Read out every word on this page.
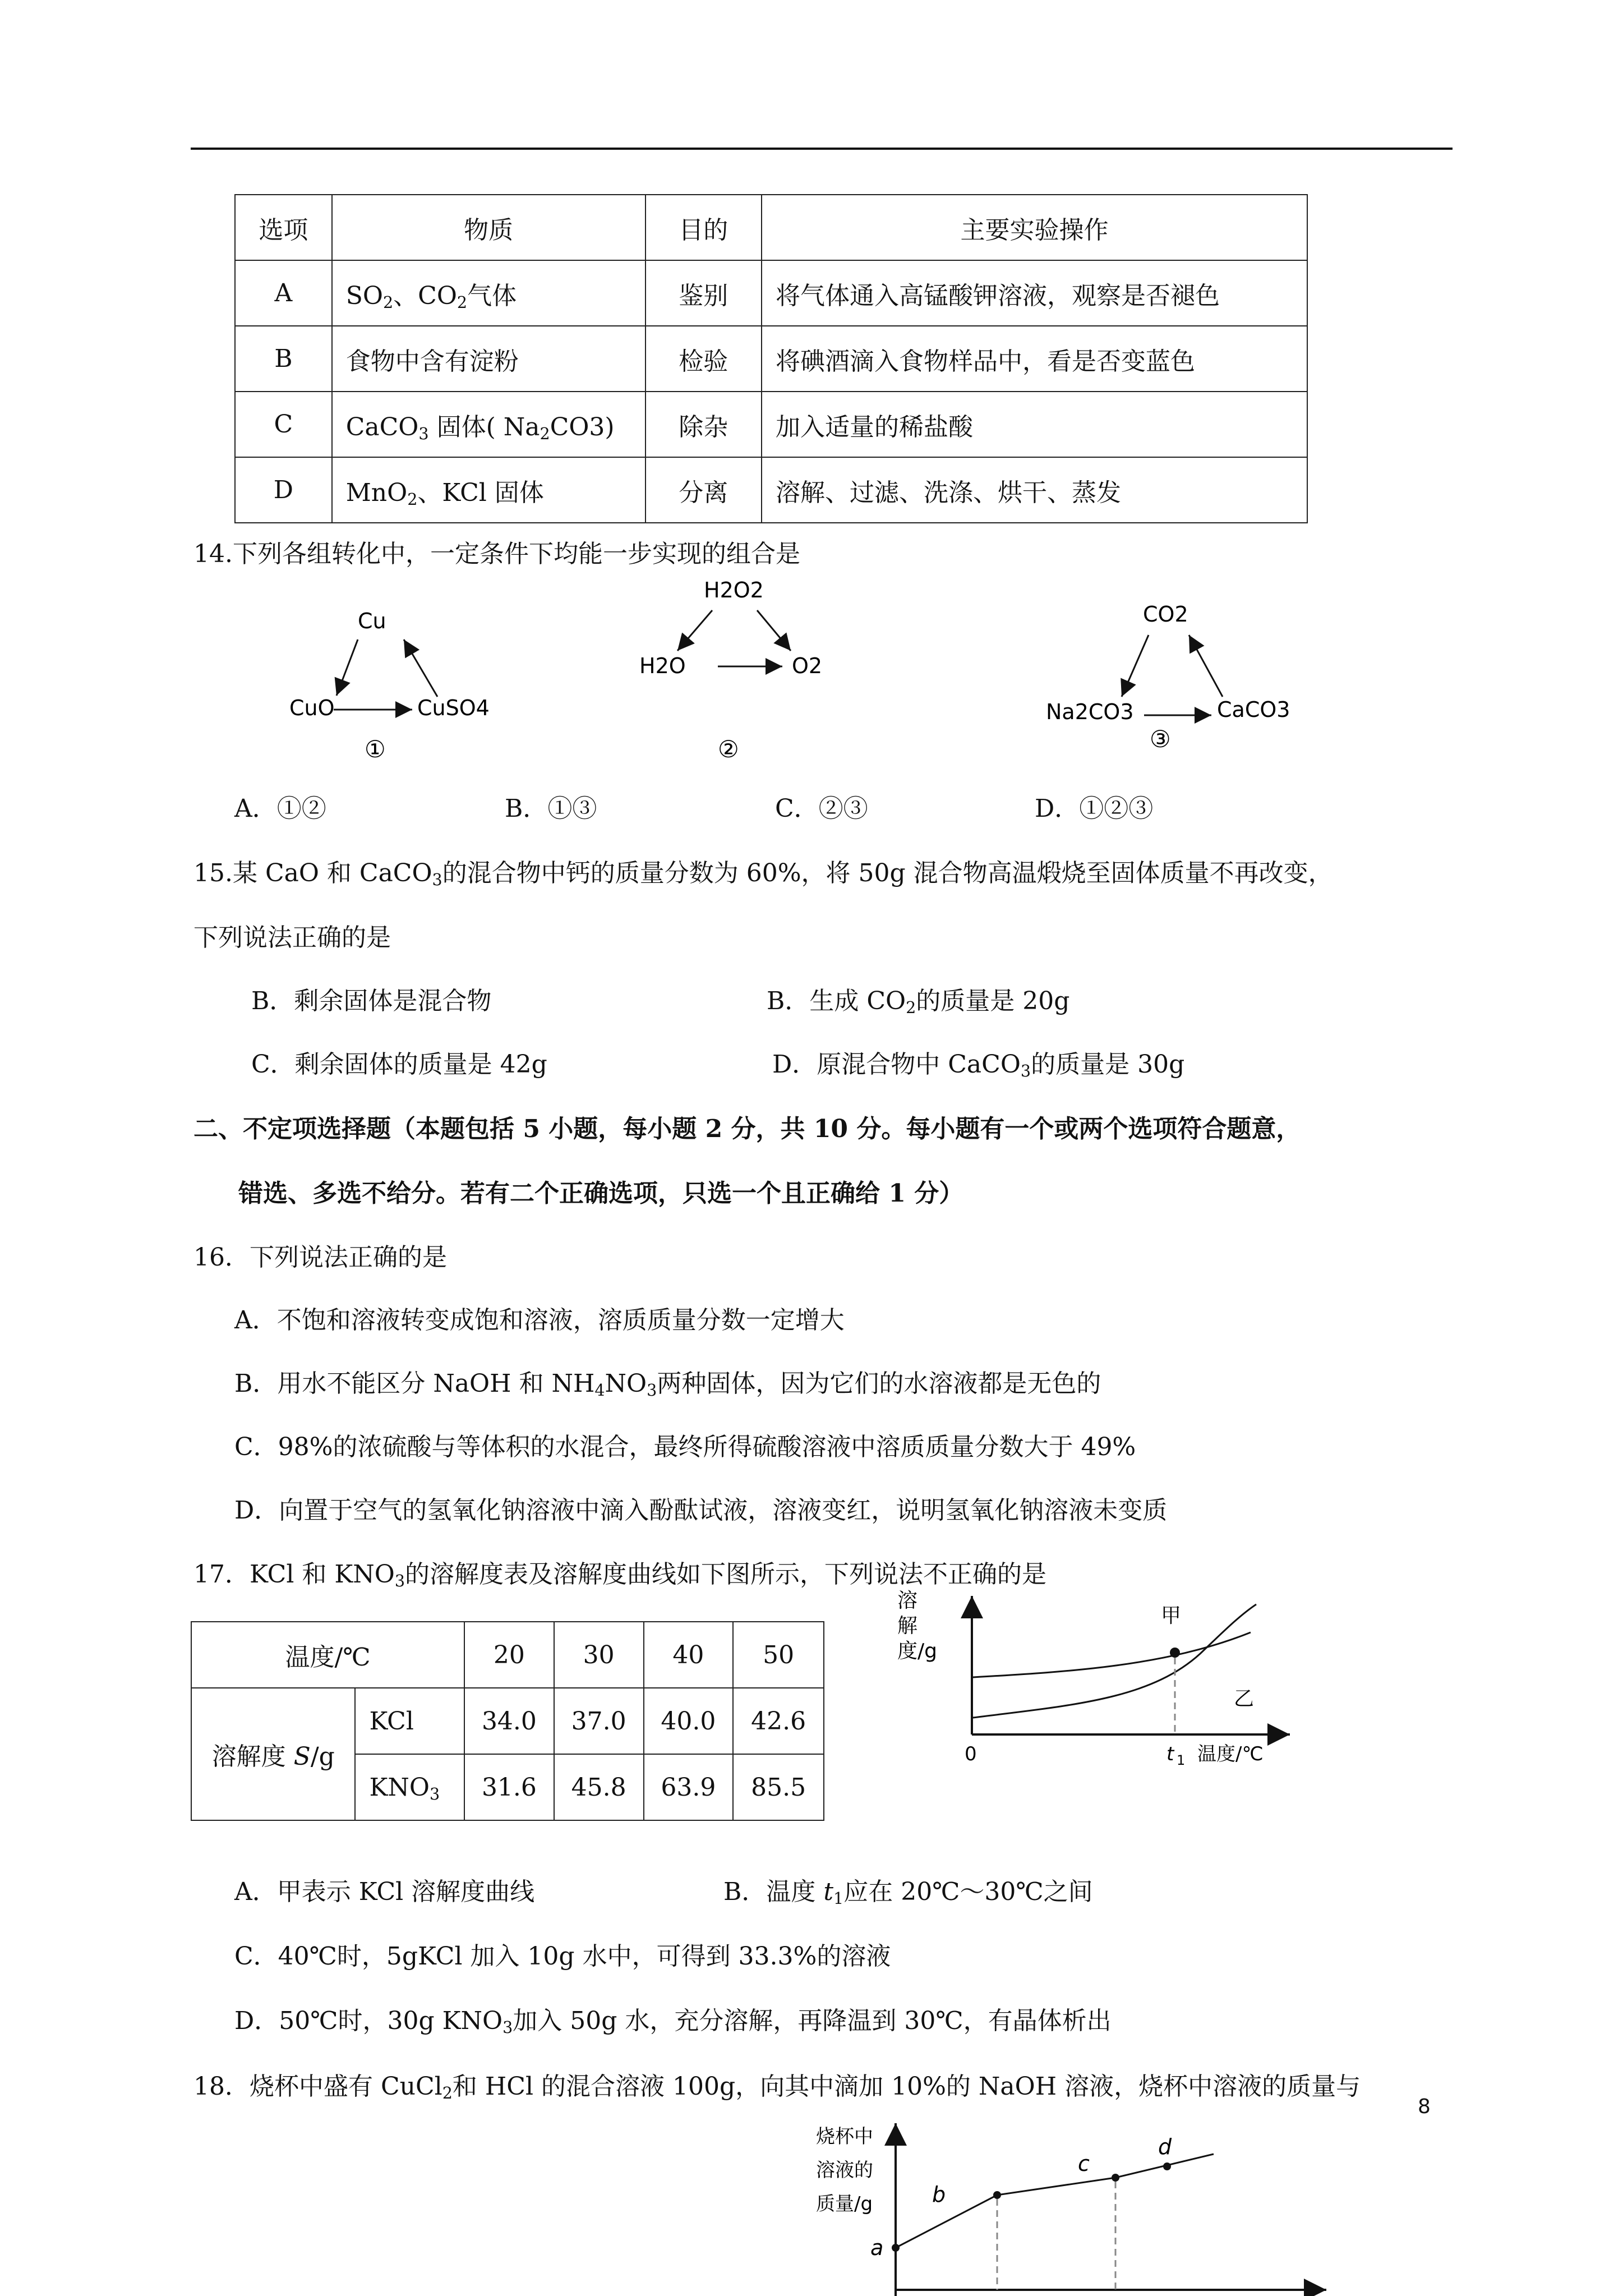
选项	物质	目的	主要实验操作
A	$SO_2$、$CO_2$气体	鉴别	将气体通入高锰酸钾溶液，观察是否褪色
B	食物中含有淀粉	检验	将碘酒滴入食物样品中，看是否变蓝色
C	CaCO$_3$ 固体( $Na_2CO3$)	除杂	加入适量的稀盐酸
D	MnO$_2$、KCl 固体	分离	溶解、过滤、洗涤、烘干、蒸发
14.下列各组转化中，一定条件下均能一步实现的组合是
Cu
CuO	CuSO4
①
H2O2
H2O	O2
②
CO2
Na2CO3	CaCO3
③
A．①②	B．①③	C．②③	D．①②③
15.某 CaO 和 CaCO$_3$的混合物中钙的质量分数为 60%，将 50g 混合物高温煅烧至固体质量不再改变，
下列说法正确的是
B．剩余固体是混合物	B．生成 $CO_2$的质量是 20g
C．剩余固体的质量是 42g	D．原混合物中 CaCO$_3$的质量是 30g
二、不定项选择题（本题包括 5 小题，每小题 2 分，共 10 分。每小题有一个或两个选项符合题意，
错选、多选不给分。若有二个正确选项，只选一个且正确给 1 分）
16．下列说法正确的是
A．不饱和溶液转变成饱和溶液，溶质质量分数一定增大
B．用水不能区分 NaOH 和 $NH_4NO_3$两种固体，因为它们的水溶液都是无色的
C．98%的浓硫酸与等体积的水混合，最终所得硫酸溶液中溶质质量分数大于 49%
D．向置于空气的氢氧化钠溶液中滴入酚酞试液，溶液变红，说明氢氧化钠溶液未变质
17．KCl 和 $KNO_3$的溶解度表及溶解度曲线如下图所示，下列说法不正确的是
温度/℃		20	30	40	50
溶解度 S/g	KCl	34.0	37.0	40.0	42.6
	$KNO_3$	31.6	45.8	63.9	85.5
溶
解
度/g
甲
乙
0	t 1 温度/℃
A．甲表示 KCl 溶解度曲线	B．温度 $t_1$应在 20℃～30℃之间
C．40℃时，5gKCl 加入 10g 水中，可得到 33.3%的溶液
D．50℃时，30g $KNO_3$加入 50g 水，充分溶解，再降温到 30℃，有晶体析出
18．烧杯中盛有 CuCl$_2$和 HCl 的混合溶液 100g，向其中滴加 10%的 NaOH 溶液，烧杯中溶液的质量与
烧杯中
溶液的
质量/g
a
b
c
d
8
